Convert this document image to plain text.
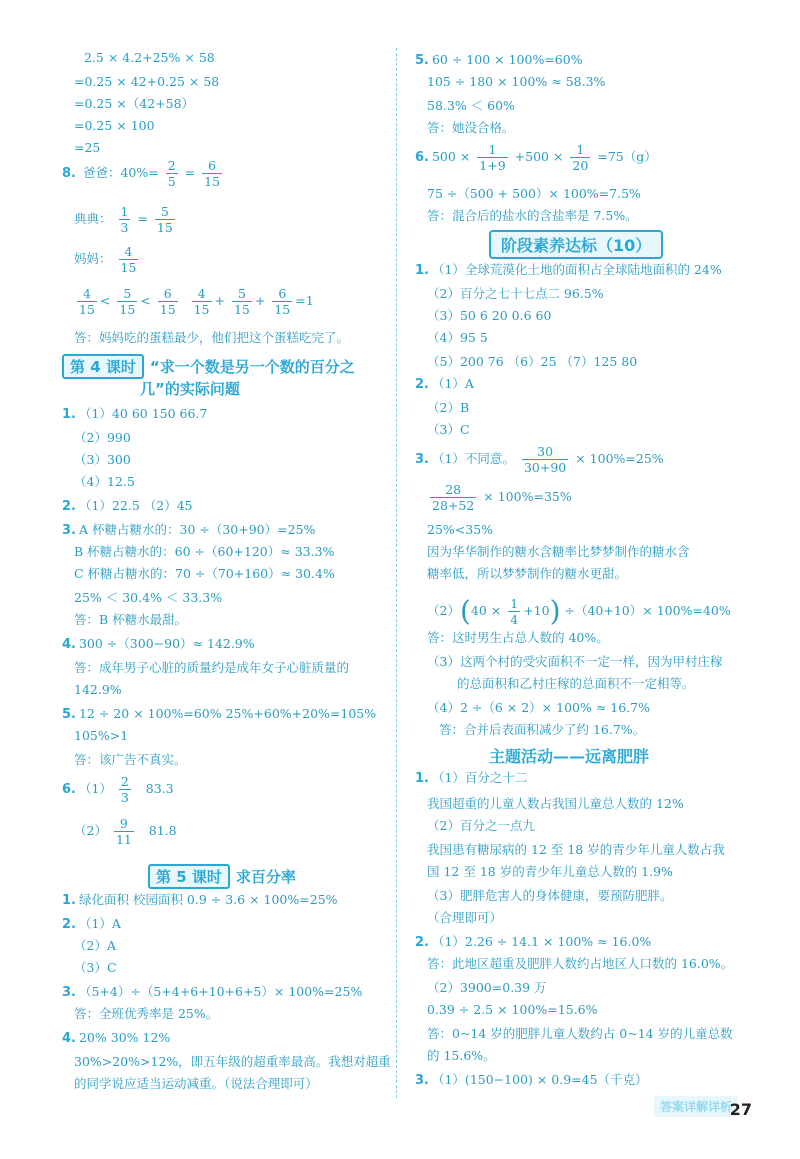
2.5 × 4.2+25% × 58
=0.25 × 42+0.25 × 58
=0.25 ×（42+58）
=0.25 × 100
=25
8. 爸爸：$40\%= \frac{2}{5} = \frac{6}{15}$
典典： $\frac{1}{3} = \frac{5}{15}$
妈妈： $\frac{4}{15}$
$\frac{4}{15} < \frac{5}{15} < \frac{6}{15}$
$\frac{4}{15} + \frac{5}{15} + \frac{6}{15} =1$
答：妈妈吃的蛋糕最少，他们把这个蛋糕吃完了。
第 4 课时 “求一个数是另一个数的百分之
几”的实际问题
1. （1）40 60 150 66.7
（2）990
（3）300
（4）12.5
2. （1）22.5 （2）45
3. A 杯糖占糖水的：30 ÷（30+90）=25%
B 杯糖占糖水的：60 ÷（60+120）≈ 33.3%
C 杯糖占糖水的：70 ÷（70+160）≈ 30.4%
25% ＜ 30.4% ＜ 33.3%
答：B 杯糖水最甜。
4. 300 ÷（300−90）≈ 142.9%
答：成年男子心脏的质量约是成年女子心脏质量的
142.9%
5. 12 ÷ 20 × 100%=60% 25%+60%+20%=105%
105%>1
答：该广告不真实。
6. $(1) \frac{2}{3} 83.3$
$(2) \frac{9}{11} 81.8$
第 5 课时 求百分率
1. 绿化面积 校园面积 0.9 ÷ 3.6 × 100%=25%
2. （1）A
（2）A
（3）C
3. （5+4）÷（5+4+6+10+6+5）× 100%=25%
答：全班优秀率是 25%。
4. 20% 30% 12%
30%>20%>12%，即五年级的超重率最高。我想对超重
的同学说应适当运动减重。（说法合理即可）
5. 60 ÷ 100 × 100%=60%
105 ÷ 180 × 100% ≈ 58.3%
58.3% ＜ 60%
答：她没合格。
6. $500 \times \frac{1}{1+9} +500 \times \frac{1}{20} =75(g)$
75 ÷（500 + 500）× 100%=7.5%
答：混合后的盐水的含盐率是 7.5%。
阶段素养达标（10）
1. （1）全球荒漠化土地的面积占全球陆地面积的 24%
（2）百分之七十七点二 96.5%
（3）50 6 20 0.6 60
（4）95 5
（5）200 76 （6）25 （7）125 80
2. （1）A
（2）B
（3）C
3. （1）不同意。 $\frac{30}{30+90} \times 100\%=25\%$
$\frac{28}{28+52} \times 100\%=35\%$
25%<35%
因为华华制作的糖水含糖率比梦梦制作的糖水含
糖率低，所以梦梦制作的糖水更甜。
$(2)(40 \times \frac{1}{4} +10) \div(40+10)\times 100\%=40\%$
答：这时男生占总人数的 40%。
（3）这两个村的受灾面积不一定一样，因为甲村庄稼
的总面积和乙村庄稼的总面积不一定相等。
（4）2 ÷（6 × 2）× 100% ≈ 16.7%
答：合并后表面积减少了约 16.7%。
主题活动——远离肥胖
1. （1）百分之十二
我国超重的儿童人数占我国儿童总人数的 12%
（2）百分之一点九
我国患有糖尿病的 12 至 18 岁的青少年儿童人数占我
国 12 至 18 岁的青少年儿童总人数的 1.9%
（3）肥胖危害人的身体健康，要预防肥胖。
（合理即可）
2. （1）2.26 ÷ 14.1 × 100% ≈ 16.0%
答：此地区超重及肥胖人数约占地区人口数的 16.0%。
（2）3900=0.39 万
0.39 ÷ 2.5 × 100%=15.6%
答：0~14 岁的肥胖儿童人数约占 0~14 岁的儿童总数
的 15.6%。
3. （1）(150−100) × 0.9=45（千克）
答案详解详析
27
